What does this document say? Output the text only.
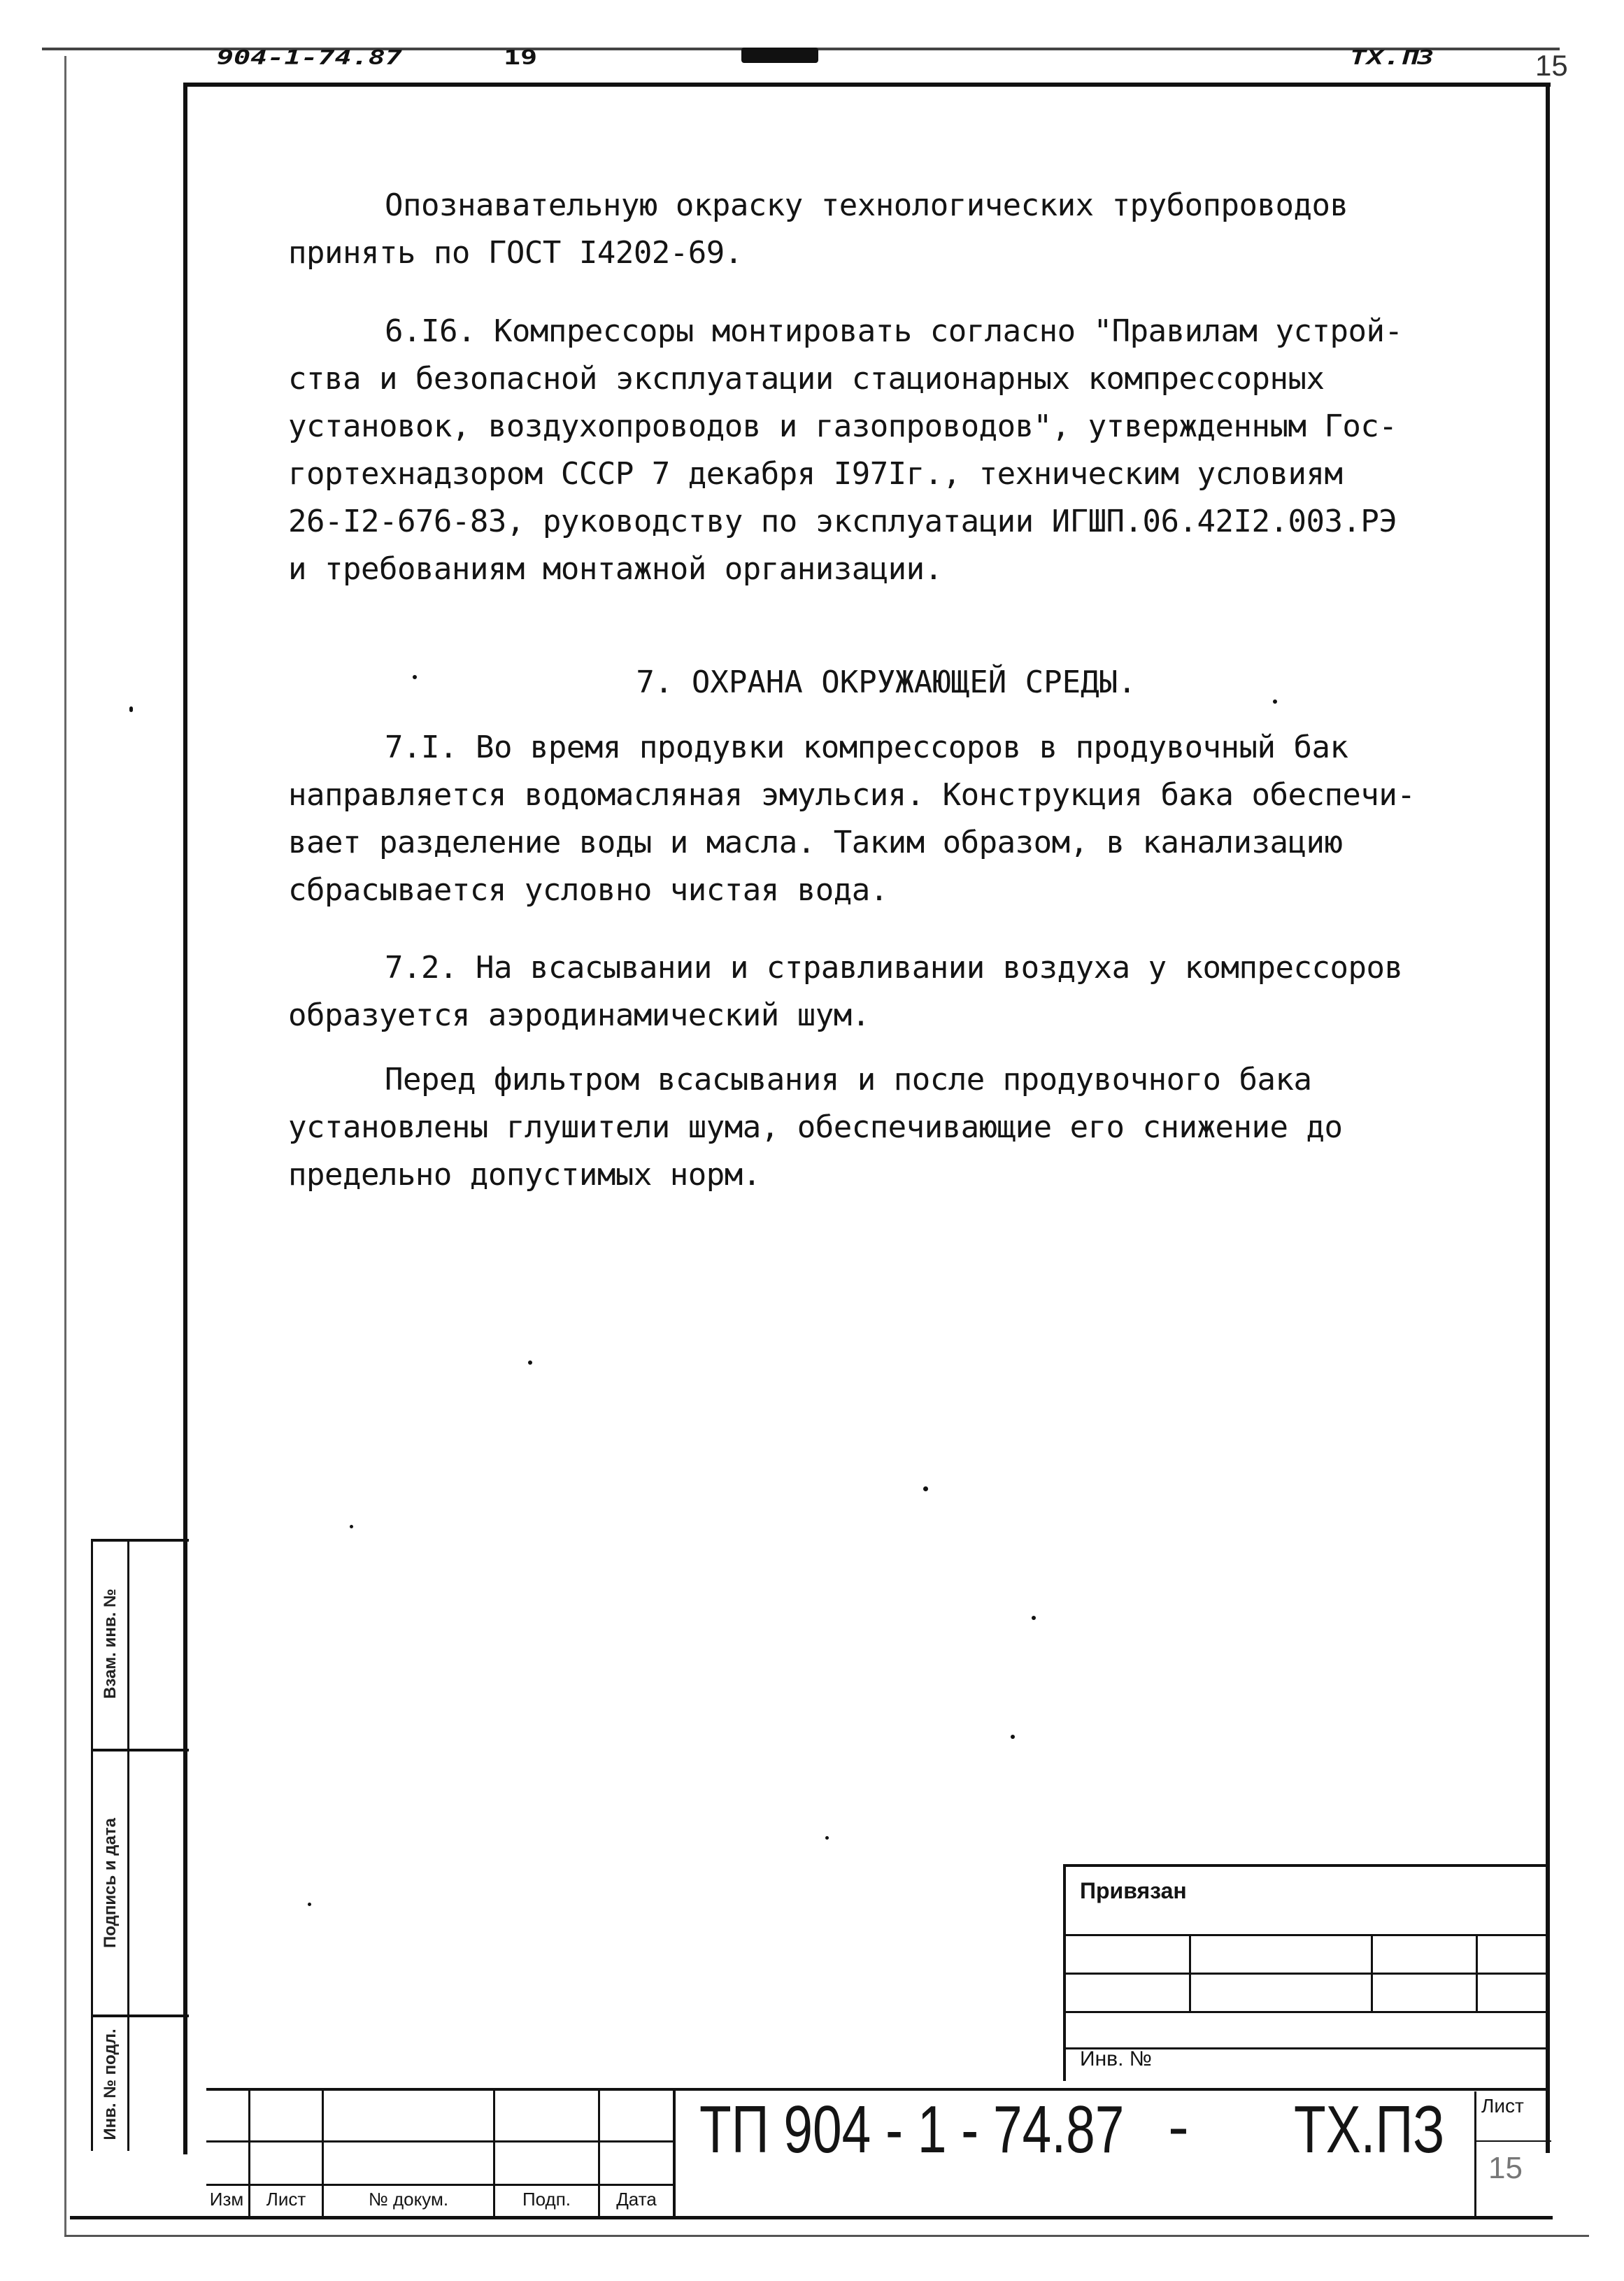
904-1-74.87	19	TX.ПЗ	15
Опознавательную окраску технологических трубопроводов
принять по ГОСТ I4202-69.
6.I6. Компрессоры монтировать согласно "Правилам устрой-
ства и безопасной эксплуатации стационарных компрессорных
установок, воздухопроводов и газопроводов", утвержденным Гос-
гортехнадзором СССР 7 декабря I97Iг., техническим условиям
26-I2-676-83, руководству по эксплуатации ИГШП.06.42I2.003.РЭ
и требованиям монтажной организации.
7. ОХРАНА ОКРУЖАЮЩЕЙ СРЕДЫ.
7.I. Во время продувки компрессоров в продувочный бак
направляется водомасляная эмульсия. Конструкция бака обеспечи-
вает разделение воды и масла. Таким образом, в канализацию
сбрасывается условно чистая вода.
7.2. На всасывании и стравливании воздуха у компрессоров
образуется аэродинамический шум.
Перед фильтром всасывания и после продувочного бака
установлены глушители шума, обеспечивающие его снижение до
предельно допустимых норм.
Взам. инв. №
Подпись и дата
Инв. № подл.
Привязан
Инв. №
Изм	Лист	№ докум.	Подп.	Дата
ТП 904 - 1 - 74.87 - ТХ.ПЗ Лист
15
